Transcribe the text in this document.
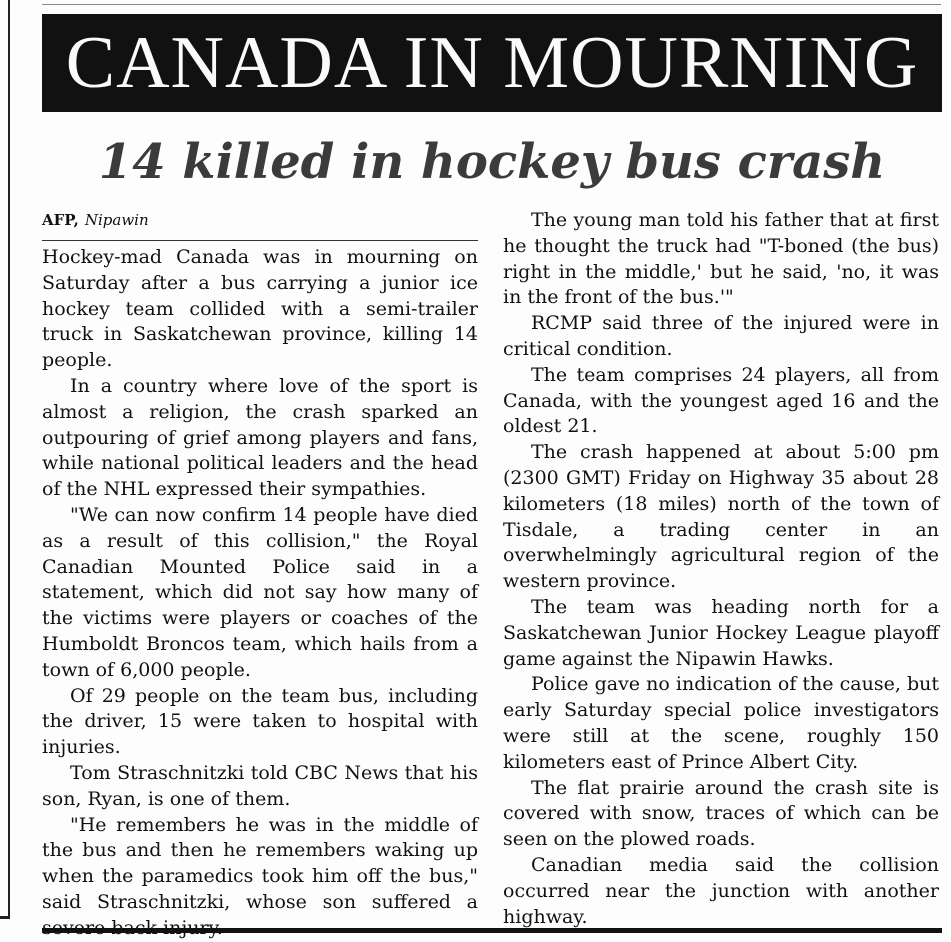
CANADA IN MOURNING
14 killed in hockey bus crash
AFP, Nipawin

Hockey-mad Canada was in mourning on Saturday after a bus carrying a junior ice hockey team collided with a semi-trailer truck in Saskatchewan province, killing 14 people.

In a country where love of the sport is almost a religion, the crash sparked an outpouring of grief among players and fans, while national political leaders and the head of the NHL expressed their sympathies.

"We can now confirm 14 people have died as a result of this collision," the Royal Canadian Mounted Police said in a statement, which did not say how many of the victims were players or coaches of the Humboldt Broncos team, which hails from a town of 6,000 people.

Of 29 people on the team bus, including the driver, 15 were taken to hospital with injuries.

Tom Straschnitzki told CBC News that his son, Ryan, is one of them.

"He remembers he was in the middle of the bus and then he remembers waking up when the paramedics took him off the bus," said Straschnitzki, whose son suffered a

The young man told his father that at first he thought the truck had "T-boned (the bus) right in the middle,' but he said, 'no, it was in the front of the bus.'"

RCMP said three of the injured were in critical condition.

The team comprises 24 players, all from Canada, with the youngest aged 16 and the oldest 21.

The crash happened at about 5:00 pm (2300 GMT) Friday on Highway 35 about 28 kilometers (18 miles) north of the town of Tisdale, a trading center in an overwhelmingly agricultural region of the western province.

The team was heading north for a Saskatchewan Junior Hockey League playoff game against the Nipawin Hawks.

Police gave no indication of the cause, but early Saturday special police investigators were still at the scene, roughly 150 kilometers east of Prince Albert City.

The flat prairie around the crash site is covered with snow, traces of which can be seen on the plowed roads.

Canadian media said the collision occurred near the junction with another highway.
